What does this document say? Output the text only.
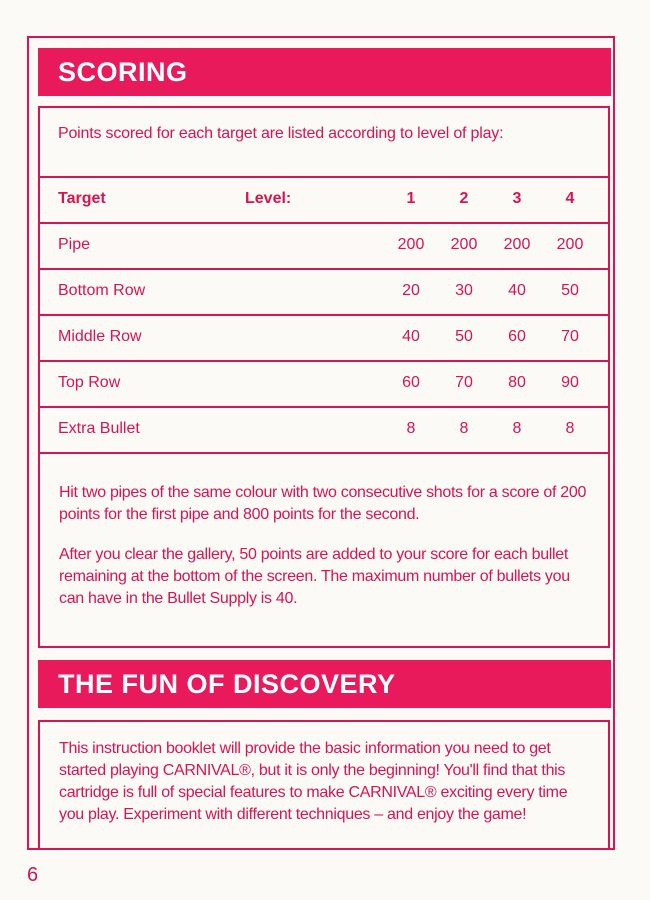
SCORING
Points scored for each target are listed according to level of play:
Target	Level:	1	2	3	4
Pipe	200	200	200	200
Bottom Row	20	30	40	50
Middle Row	40	50	60	70
Top Row	60	70	80	90
Extra Bullet	8	8	8	8
Hit two pipes of the same colour with two consecutive shots for a score of 200 points for the first pipe and 800 points for the second.
After you clear the gallery, 50 points are added to your score for each bullet remaining at the bottom of the screen. The maximum number of bullets you can have in the Bullet Supply is 40.
THE FUN OF DISCOVERY
This instruction booklet will provide the basic information you need to get started playing CARNIVAL®, but it is only the beginning! You'll find that this cartridge is full of special features to make CARNIVAL® exciting every time you play. Experiment with different techniques – and enjoy the game!
6
